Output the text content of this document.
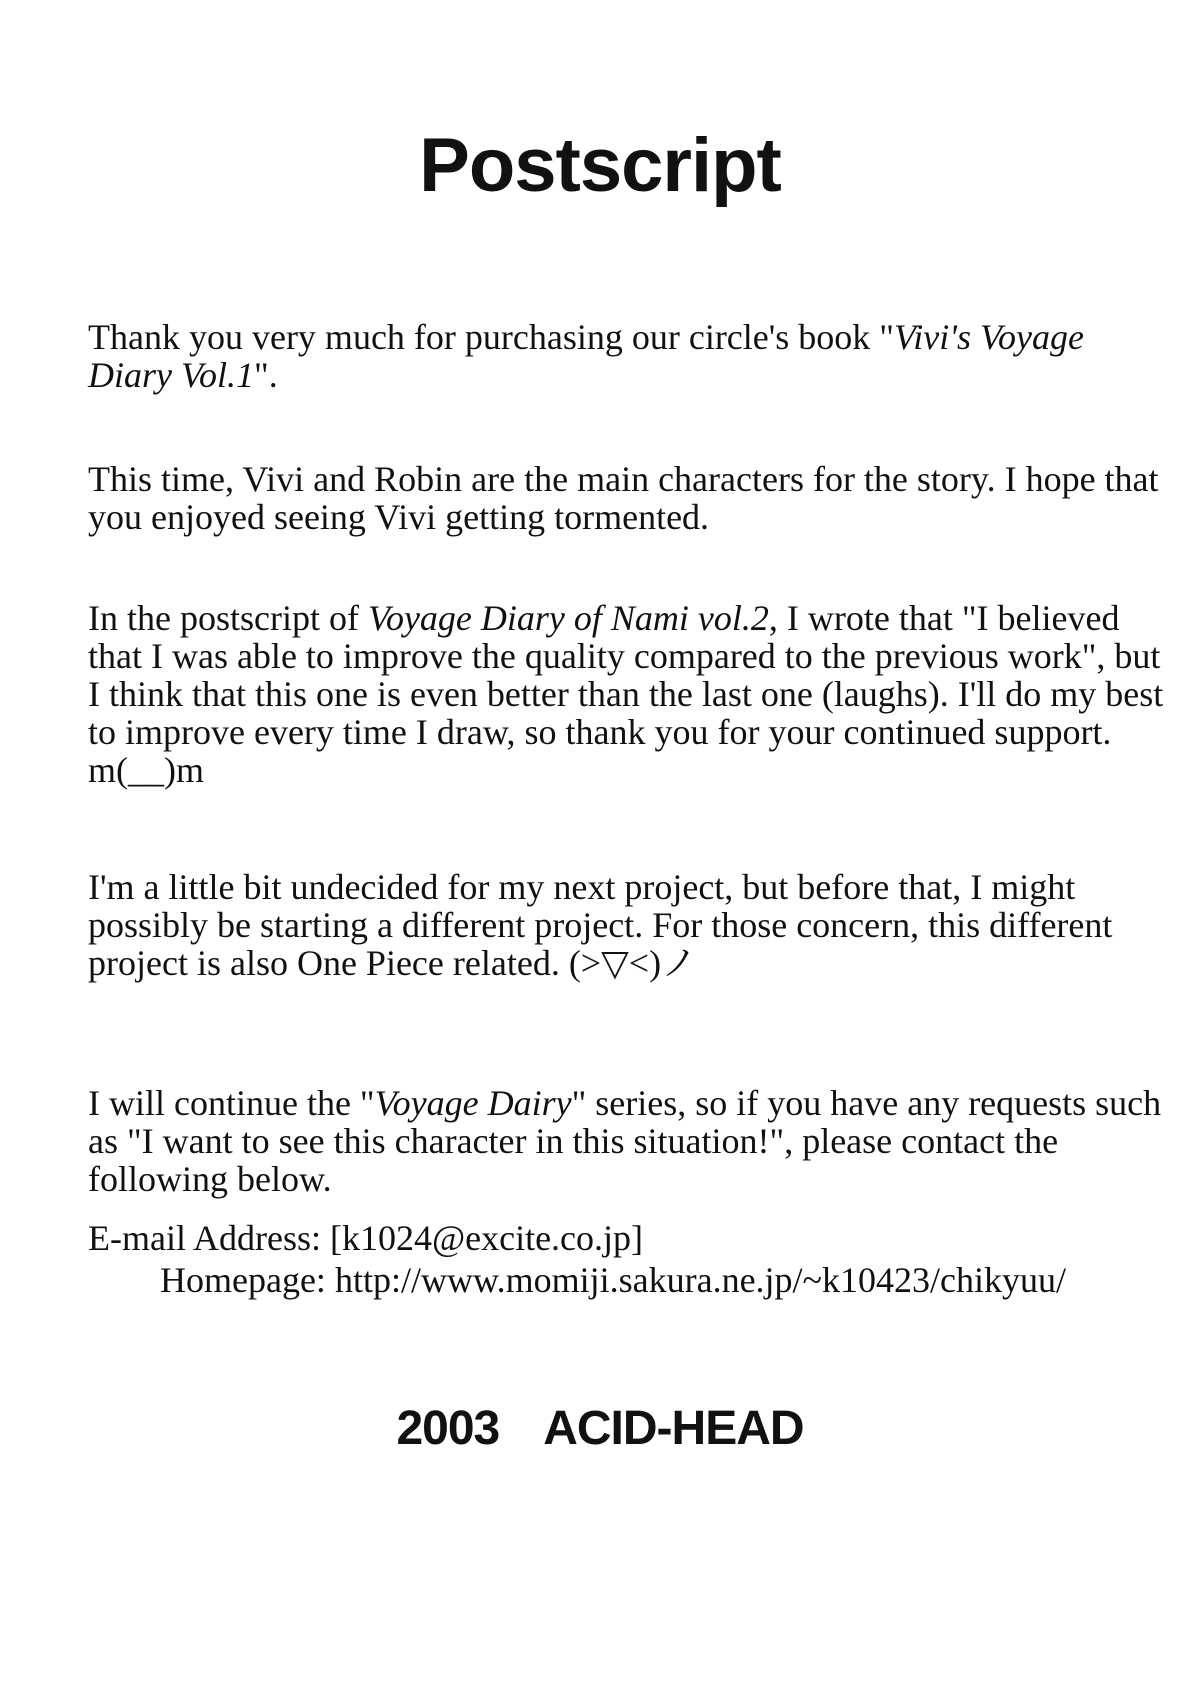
Postscript

Thank you very much for purchasing our circle's book "Vivi's Voyage Diary Vol.1".

This time, Vivi and Robin are the main characters for the story. I hope that you enjoyed seeing Vivi getting tormented.

In the postscript of Voyage Diary of Nami vol.2, I wrote that "I believed that I was able to improve the quality compared to the previous work", but I think that this one is even better than the last one (laughs). I'll do my best to improve every time I draw, so thank you for your continued support. m(__)m

I'm a little bit undecided for my next project, but before that, I might possibly be starting a different project. For those concern, this different project is also One Piece related. (>▽<)ノ

I will continue the "Voyage Dairy" series, so if you have any requests such as "I want to see this character in this situation!", please contact the following below.

E-mail Address: [k1024@excite.co.jp]
Homepage: http://www.momiji.sakura.ne.jp/~k10423/chikyuu/
2003 ACID-HEAD
